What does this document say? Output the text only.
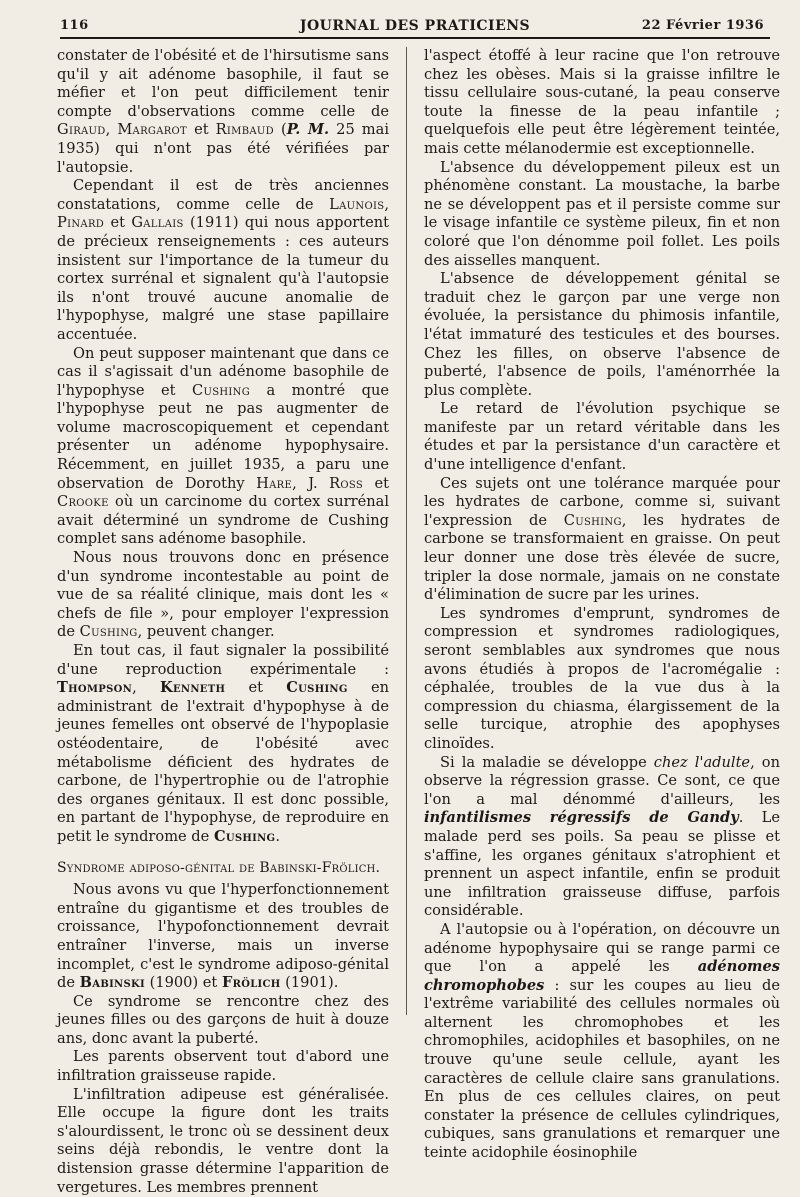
116	JOURNAL DES PRATICIENS	22 Février 1936

constater de l'obésité et de l'hirsutisme sans qu'il y ait adénome basophile, il faut se méfier et l'on peut difficilement tenir compte d'observations comme celle de Giraud, Margarot et Rimbaud (P. M. 25 mai 1935) qui n'ont pas été vérifiées par l'autopsie.

Cependant il est de très anciennes constatations, comme celle de Launois, Pinard et Gallais (1911) qui nous apportent de précieux renseignements : ces auteurs insistent sur l'importance de la tumeur du cortex surrénal et signalent qu'à l'autopsie ils n'ont trouvé aucune anomalie de l'hypophyse, malgré une stase papillaire accentuée.

On peut supposer maintenant que dans ce cas il s'agissait d'un adénome basophile de l'hypophyse et Cushing a montré que l'hypophyse peut ne pas augmenter de volume macroscopiquement et cependant présenter un adénome hypophysaire. Récemment, en juillet 1935, a paru une observation de Dorothy Hare, J. Ross et Crooke où un carcinome du cortex surrénal avait déterminé un syndrome de Cushing complet sans adénome basophile.

Nous nous trouvons donc en présence d'un syndrome incontestable au point de vue de sa réalité clinique, mais dont les « chefs de file », pour employer l'expression de Cushing, peuvent changer.

En tout cas, il faut signaler la possibilité d'une reproduction expérimentale : Thompson, Kenneth et Cushing en administrant de l'extrait d'hypophyse à de jeunes femelles ont observé de l'hypoplasie ostéodentaire, de l'obésité avec métabolisme déficient des hydrates de carbone, de l'hypertrophie ou de l'atrophie des organes génitaux. Il est donc possible, en partant de l'hypophyse, de reproduire en petit le syndrome de Cushing.

Syndrome adiposo-génital de Babinski-Frölich.

Nous avons vu que l'hyperfonctionnement entraîne du gigantisme et des troubles de croissance, l'hypofonctionnement devrait entraîner l'inverse, mais un inverse incomplet, c'est le syndrome adiposo-génital de Babinski (1900) et Frölich (1901).

Ce syndrome se rencontre chez des jeunes filles ou des garçons de huit à douze ans, donc avant la puberté.

Les parents observent tout d'abord une infiltration graisseuse rapide.

L'infiltration adipeuse est généralisée. Elle occupe la figure dont les traits s'alourdissent, le tronc où se dessinent deux seins déjà rebondis, le ventre dont la distension grasse détermine l'apparition de vergetures. Les membres prennent

l'aspect étoffé à leur racine que l'on retrouve chez les obèses. Mais si la graisse infiltre le tissu cellulaire sous-cutané, la peau conserve toute la finesse de la peau infantile ; quelquefois elle peut être légèrement teintée, mais cette mélanodermie est exceptionnelle.

L'absence du développement pileux est un phénomène constant. La moustache, la barbe ne se développent pas et il persiste comme sur le visage infantile ce système pileux, fin et non coloré que l'on dénomme poil follet. Les poils des aisselles manquent.

L'absence de développement génital se traduit chez le garçon par une verge non évoluée, la persistance du phimosis infantile, l'état immaturé des testicules et des bourses. Chez les filles, on observe l'absence de puberté, l'absence de poils, l'aménorrhée la plus complète.

Le retard de l'évolution psychique se manifeste par un retard véritable dans les études et par la persistance d'un caractère et d'une intelligence d'enfant.

Ces sujets ont une tolérance marquée pour les hydrates de carbone, comme si, suivant l'expression de Cushing, les hydrates de carbone se transformaient en graisse. On peut leur donner une dose très élevée de sucre, tripler la dose normale, jamais on ne constate d'élimination de sucre par les urines.

Les syndromes d'emprunt, syndromes de compression et syndromes radiologiques, seront semblables aux syndromes que nous avons étudiés à propos de l'acromégalie : céphalée, troubles de la vue dus à la compression du chiasma, élargissement de la selle turcique, atrophie des apophyses clinoïdes.

Si la maladie se développe chez l'adulte, on observe la régression grasse. Ce sont, ce que l'on a mal dénommé d'ailleurs, les infantilismes régressifs de Gandy. Le malade perd ses poils. Sa peau se plisse et s'affine, les organes génitaux s'atrophient et prennent un aspect infantile, enfin se produit une infiltration graisseuse diffuse, parfois considérable.

A l'autopsie ou à l'opération, on découvre un adénome hypophysaire qui se range parmi ce que l'on a appelé les adénomes chromophobes : sur les coupes au lieu de l'extrême variabilité des cellules normales où alternent les chromophobes et les chromophiles, acidophiles et basophiles, on ne trouve qu'une seule cellule, ayant les caractères de cellule claire sans granulations. En plus de ces cellules claires, on peut constater la présence de cellules cylindriques, cubiques, sans granulations et remarquer une teinte acidophile éosinophile
